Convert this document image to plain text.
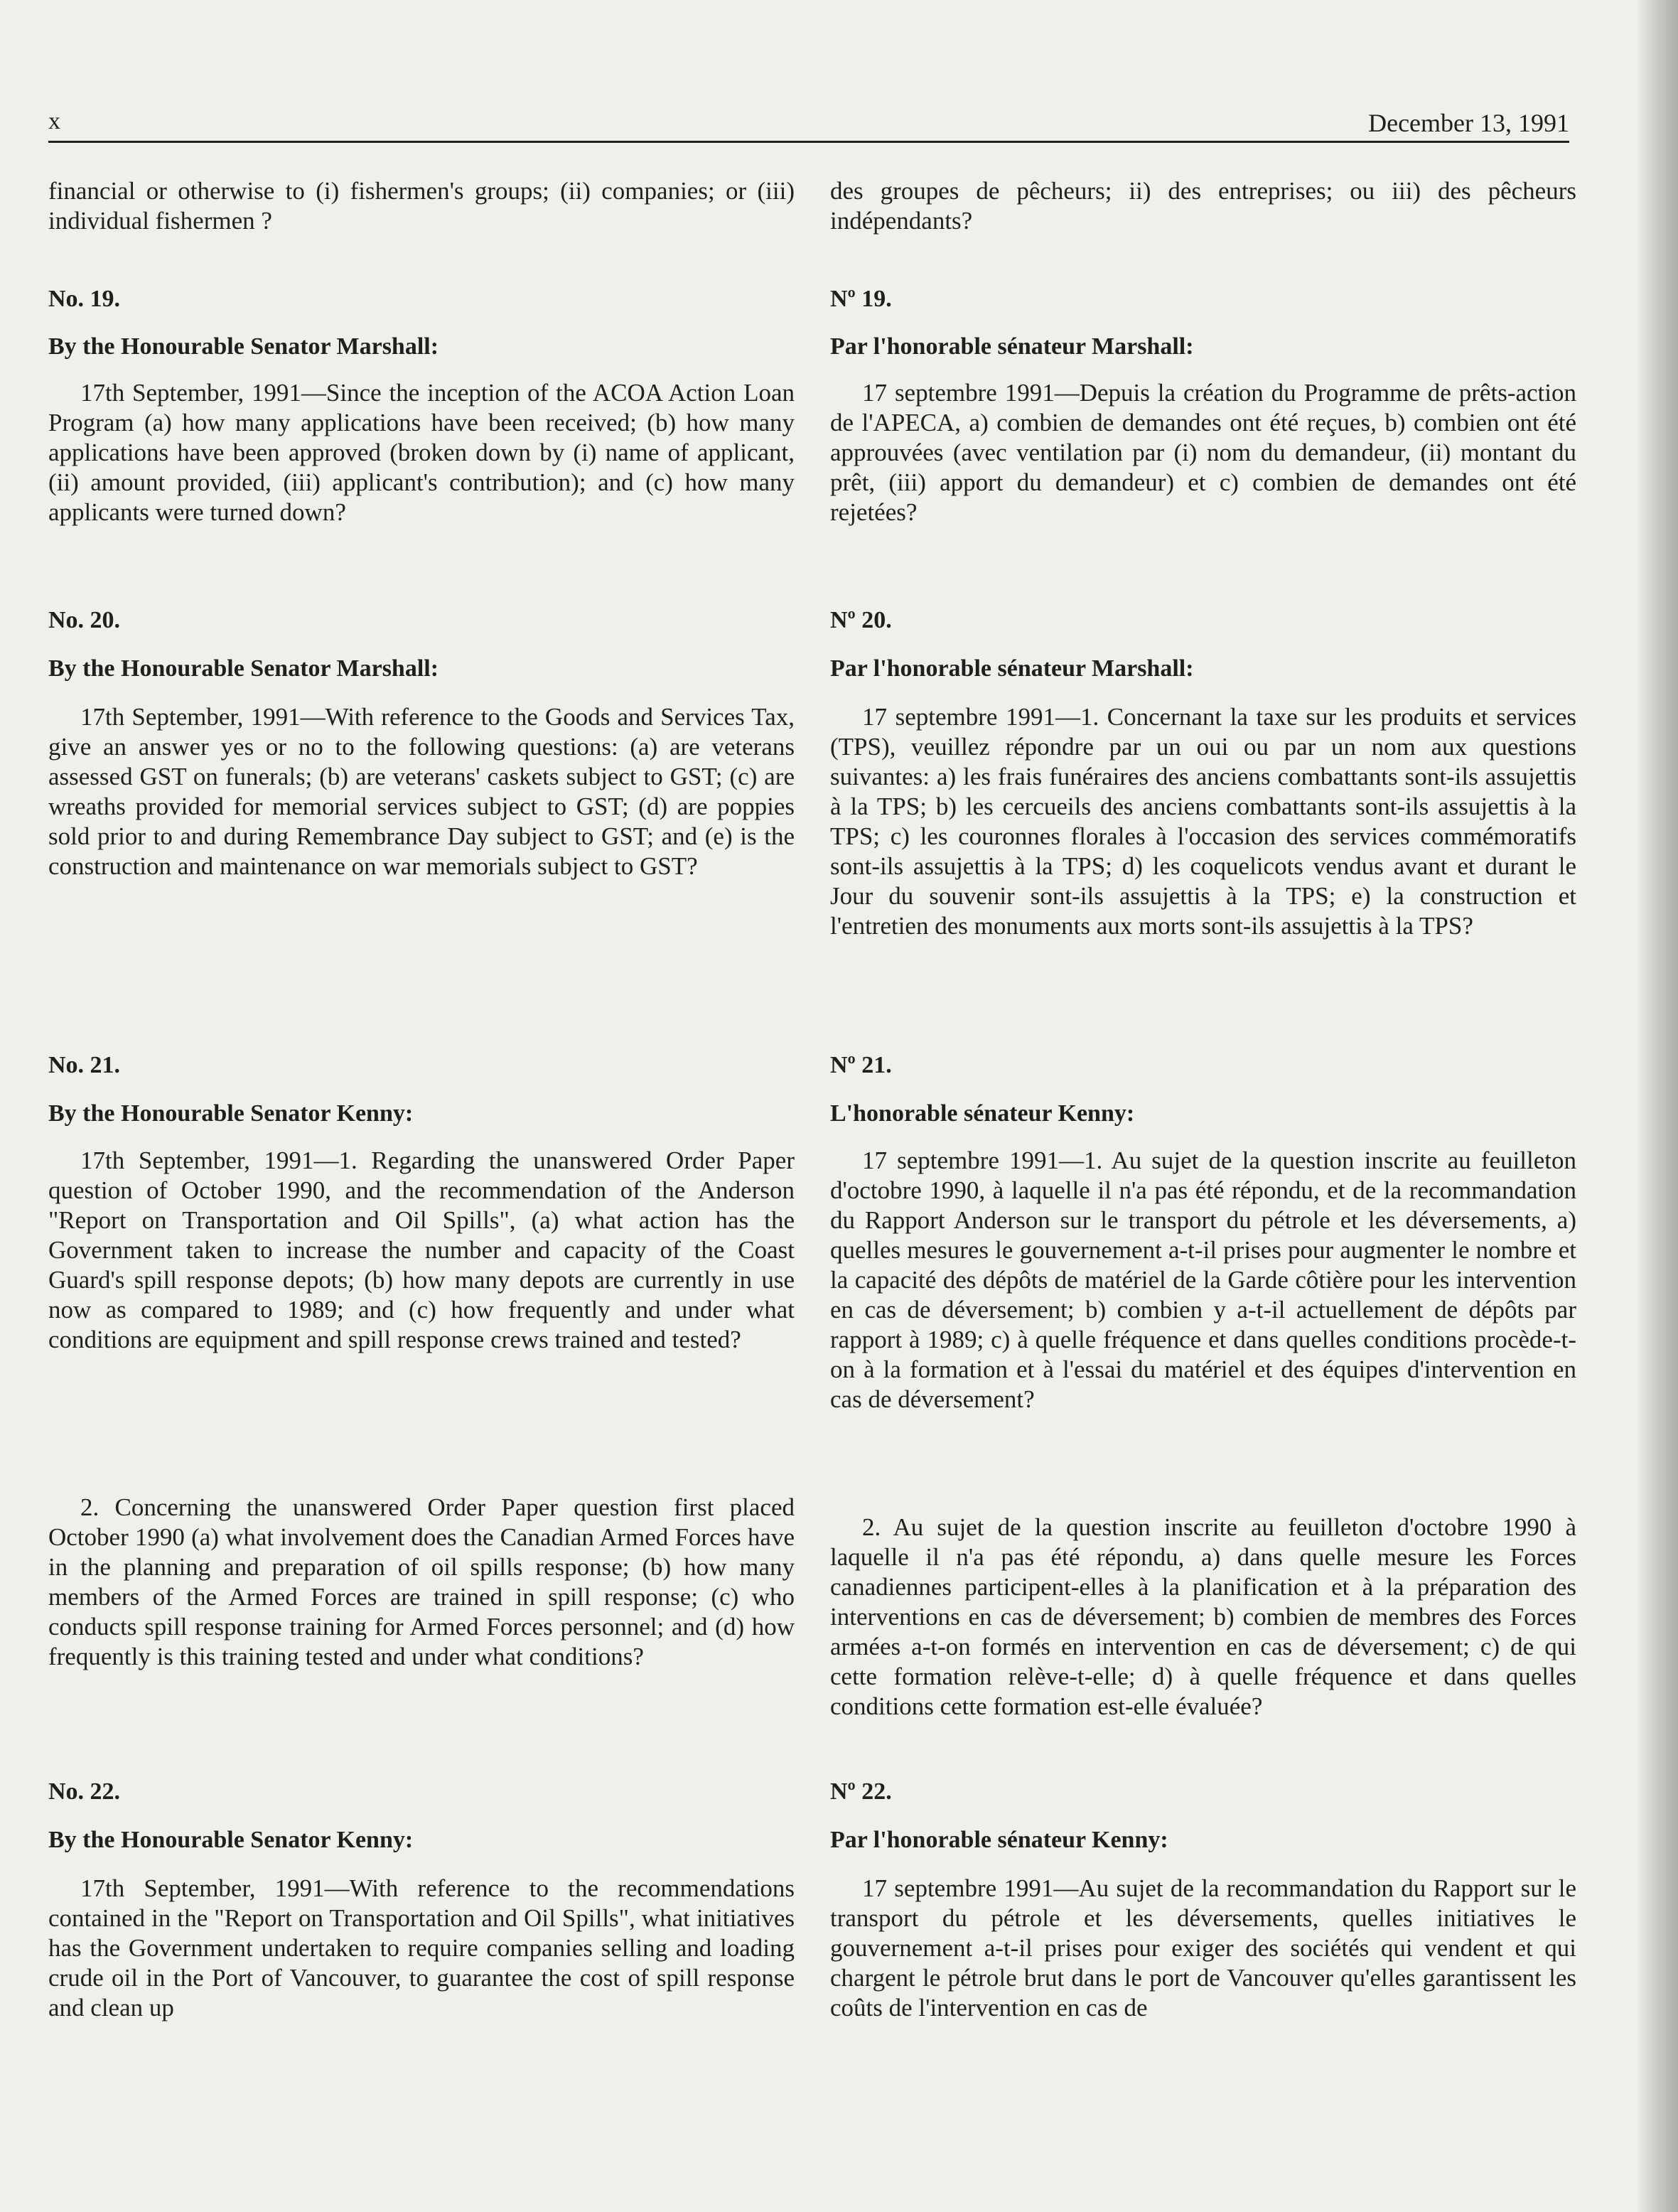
x	December 13, 1991

financial or otherwise to (i) fishermen's groups; (ii) companies; or (iii) individual fishermen ?

No. 19.

By the Honourable Senator Marshall:

17th September, 1991—Since the inception of the ACOA Action Loan Program (a) how many applications have been received; (b) how many applications have been approved (broken down by (i) name of applicant, (ii) amount provided, (iii) applicant's contribution); and (c) how many applicants were turned down?

No. 20.

By the Honourable Senator Marshall:

17th September, 1991—With reference to the Goods and Services Tax, give an answer yes or no to the following questions: (a) are veterans assessed GST on funerals; (b) are veterans' caskets subject to GST; (c) are wreaths provided for memorial services subject to GST; (d) are poppies sold prior to and during Remembrance Day subject to GST; and (e) is the construction and maintenance on war memorials subject to GST?

No. 21.

By the Honourable Senator Kenny:

17th September, 1991—1. Regarding the unanswered Order Paper question of October 1990, and the recommendation of the Anderson "Report on Transportation and Oil Spills", (a) what action has the Government taken to increase the number and capacity of the Coast Guard's spill response depots; (b) how many depots are currently in use now as compared to 1989; and (c) how frequently and under what conditions are equipment and spill response crews trained and tested?

2. Concerning the unanswered Order Paper question first placed October 1990 (a) what involvement does the Canadian Armed Forces have in the planning and preparation of oil spills response; (b) how many members of the Armed Forces are trained in spill response; (c) who conducts spill response training for Armed Forces personnel; and (d) how frequently is this training tested and under what conditions?

No. 22.

By the Honourable Senator Kenny:

17th September, 1991—With reference to the recommendations contained in the "Report on Transportation and Oil Spills", what initiatives has the Government undertaken to require companies selling and loading crude oil in the Port of Vancouver, to guarantee the cost of spill response and clean up

des groupes de pêcheurs; ii) des entreprises; ou iii) des pêcheurs indépendants?

Nº 19.

Par l'honorable sénateur Marshall:

17 septembre 1991—Depuis la création du Programme de prêts-action de l'APECA, a) combien de demandes ont été reçues, b) combien ont été approuvées (avec ventilation par (i) nom du demandeur, (ii) montant du prêt, (iii) apport du demandeur) et c) combien de demandes ont été rejetées?

Nº 20.

Par l'honorable sénateur Marshall:

17 septembre 1991—1. Concernant la taxe sur les produits et services (TPS), veuillez répondre par un oui ou par un nom aux questions suivantes: a) les frais funéraires des anciens combattants sont-ils assujettis à la TPS; b) les cercueils des anciens combattants sont-ils assujettis à la TPS; c) les couronnes florales à l'occasion des services commémoratifs sont-ils assujettis à la TPS; d) les coquelicots vendus avant et durant le Jour du souvenir sont-ils assujettis à la TPS; e) la construction et l'entretien des monuments aux morts sont-ils assujettis à la TPS?

Nº 21.

L'honorable sénateur Kenny:

17 septembre 1991—1. Au sujet de la question inscrite au feuilleton d'octobre 1990, à laquelle il n'a pas été répondu, et de la recommandation du Rapport Anderson sur le transport du pétrole et les déversements, a) quelles mesures le gouvernement a-t-il prises pour augmenter le nombre et la capacité des dépôts de matériel de la Garde côtière pour les intervention en cas de déversement; b) combien y a-t-il actuellement de dépôts par rapport à 1989; c) à quelle fréquence et dans quelles conditions procède-t-on à la formation et à l'essai du matériel et des équipes d'intervention en cas de déversement?

2. Au sujet de la question inscrite au feuilleton d'octobre 1990 à laquelle il n'a pas été répondu, a) dans quelle mesure les Forces canadiennes participent-elles à la planification et à la préparation des interventions en cas de déversement; b) combien de membres des Forces armées a-t-on formés en intervention en cas de déversement; c) de qui cette formation relève-t-elle; d) à quelle fréquence et dans quelles conditions cette formation est-elle évaluée?

Nº 22.

Par l'honorable sénateur Kenny:

17 septembre 1991—Au sujet de la recommandation du Rapport sur le transport du pétrole et les déversements, quelles initiatives le gouvernement a-t-il prises pour exiger des sociétés qui vendent et qui chargent le pétrole brut dans le port de Vancouver qu'elles garantissent les coûts de l'intervention en cas de
